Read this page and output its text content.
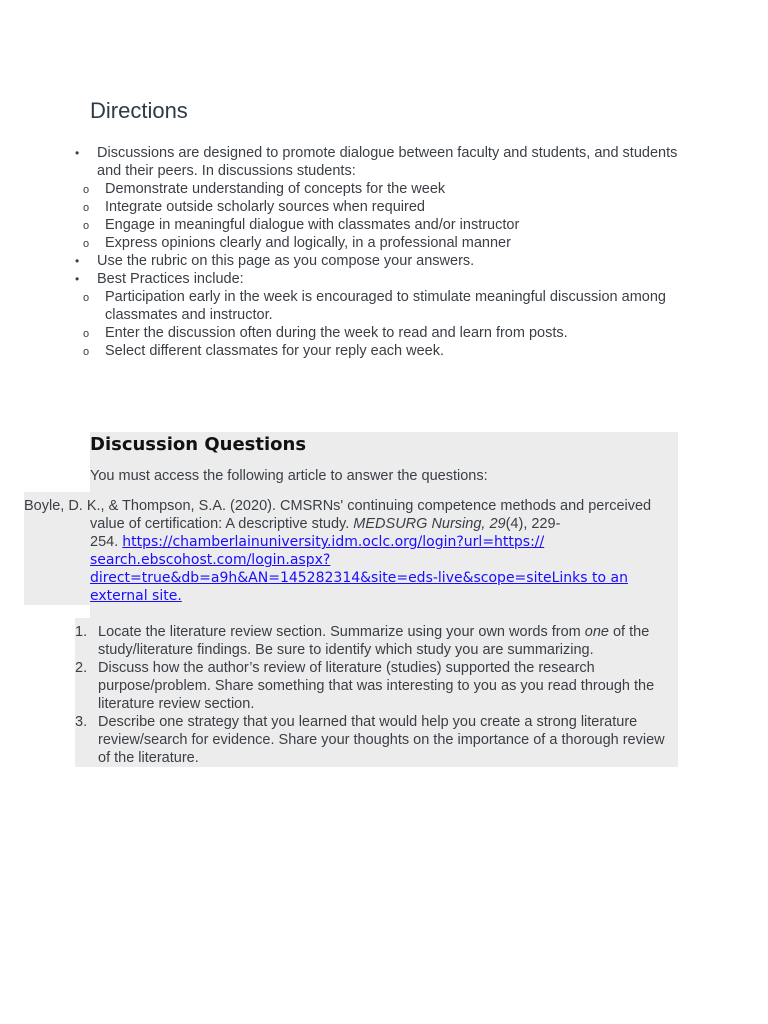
Directions
• Discussions are designed to promote dialogue between faculty and students, and students and their peers. In discussions students:
o Demonstrate understanding of concepts for the week
o Integrate outside scholarly sources when required
o Engage in meaningful dialogue with classmates and/or instructor
o Express opinions clearly and logically, in a professional manner
• Use the rubric on this page as you compose your answers.
• Best Practices include:
o Participation early in the week is encouraged to stimulate meaningful discussion among classmates and instructor.
o Enter the discussion often during the week to read and learn from posts.
o Select different classmates for your reply each week.
Discussion Questions

You must access the following article to answer the questions:

Boyle, D. K., & Thompson, S.A. (2020). CMSRNs' continuing competence methods and perceived
value of certification: A descriptive study. MEDSURG Nursing, 29(4), 229-
254. https://chamberlainuniversity.idm.oclc.org/login?url=https://
search.ebscohost.com/login.aspx?
direct=true&db=a9h&AN=145282314&site=eds-live&scope=siteLinks to an
external site.

1. Locate the literature review section. Summarize using your own words from one of the study/literature findings. Be sure to identify which study you are summarizing.
2. Discuss how the author’s review of literature (studies) supported the research purpose/problem. Share something that was interesting to you as you read through the literature review section.
3. Describe one strategy that you learned that would help you create a strong literature review/search for evidence. Share your thoughts on the importance of a thorough review of the literature.
